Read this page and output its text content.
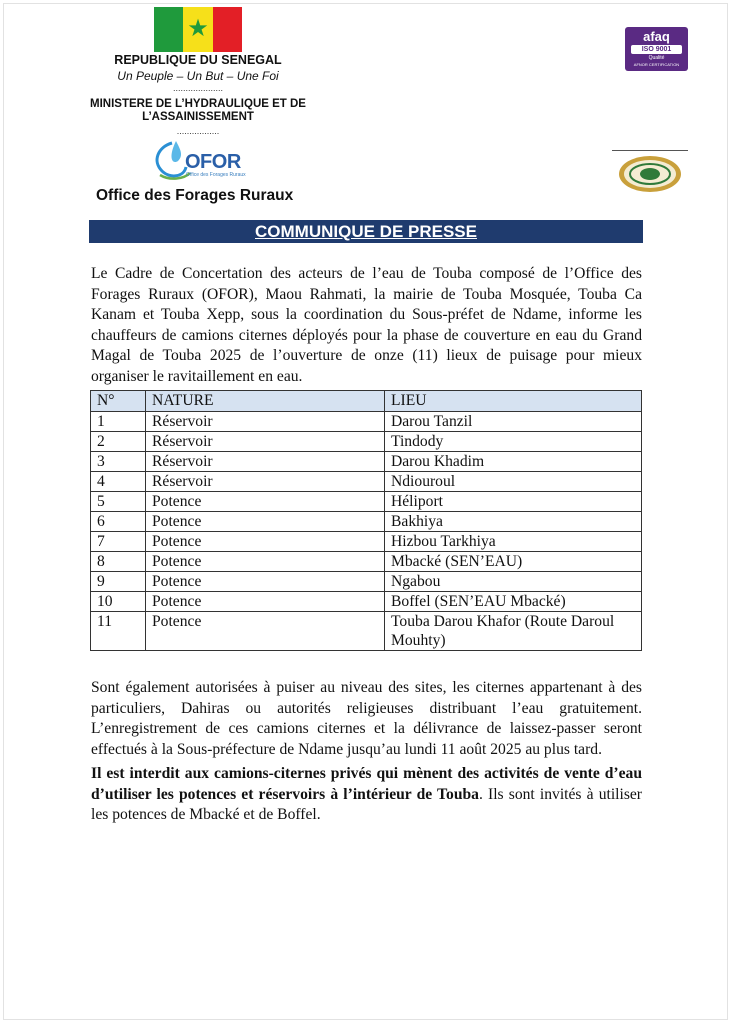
★
REPUBLIQUE DU SENEGAL
Un Peuple – Un But – Une Foi
....................
MINISTERE DE L’HYDRAULIQUE ET DE
L’ASSAINISSEMENT
.................
OFOR
Office des Forages Ruraux
Office des Forages Ruraux
afaq
ISO 9001
Qualité
AFNOR CERTIFICATION
COMMUNIQUE DE PRESSE
Le Cadre de Concertation des acteurs de l’eau de Touba composé de l’Office des Forages Ruraux (OFOR), Maou Rahmati, la mairie de Touba Mosquée, Touba Ca Kanam et Touba Xepp, sous la coordination du Sous-préfet de Ndame, informe les chauffeurs de camions citernes déployés pour la phase de couverture en eau du Grand Magal de Touba 2025 de l’ouverture de onze (11) lieux de puisage pour mieux organiser le ravitaillement en eau.
N°	NATURE	LIEU
1	Réservoir	Darou Tanzil
2	Réservoir	Tindody
3	Réservoir	Darou Khadim
4	Réservoir	Ndiouroul
5	Potence	Héliport
6	Potence	Bakhiya
7	Potence	Hizbou Tarkhiya
8	Potence	Mbacké (SEN’EAU)
9	Potence	Ngabou
10	Potence	Boffel (SEN’EAU Mbacké)
11	Potence	Touba Darou Khafor (Route Daroul Mouhty)
Sont également autorisées à puiser au niveau des sites, les citernes appartenant à des particuliers, Dahiras ou autorités religieuses distribuant l’eau gratuitement. L’enregistrement de ces camions citernes et la délivrance de laissez-passer seront effectués à la Sous-préfecture de Ndame jusqu’au lundi 11 août 2025 au plus tard.
Il est interdit aux camions-citernes privés qui mènent des activités de vente d’eau d’utiliser les potences et réservoirs à l’intérieur de Touba. Ils sont invités à utiliser les potences de Mbacké et de Boffel.
